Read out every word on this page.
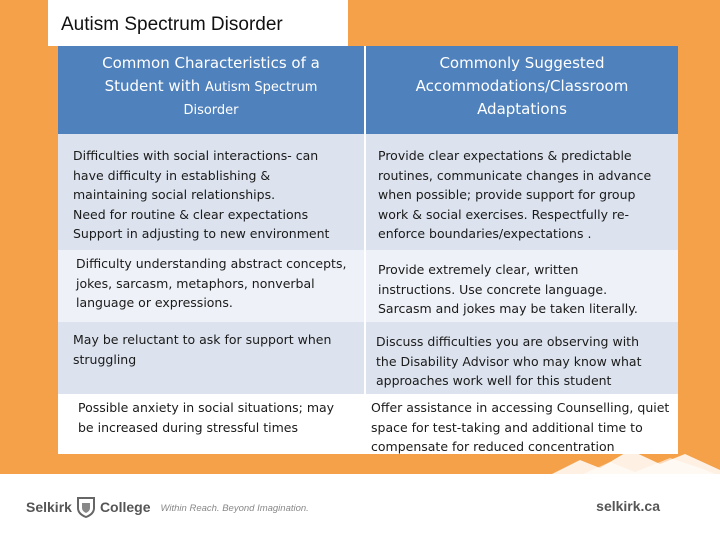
Autism Spectrum Disorder
Common Characteristics of a
Student with Autism Spectrum
Disorder
Commonly Suggested
Accommodations/Classroom
Adaptations
Difficulties with social interactions- can
have difficulty in establishing &
maintaining social relationships.
Need for routine & clear expectations
Support in adjusting to new environment
Provide clear expectations & predictable
routines, communicate changes in advance
when possible; provide support for group
work & social exercises. Respectfully re-
enforce boundaries/expectations .
Difficulty understanding abstract concepts,
jokes, sarcasm, metaphors, nonverbal
language or expressions.
Provide extremely clear, written
instructions. Use concrete language.
Sarcasm and jokes may be taken literally.
May be reluctant to ask for support when
struggling
Discuss difficulties you are observing with
the Disability Advisor who may know what
approaches work well for this student
Possible anxiety in social situations; may
be increased during stressful times
Offer assistance in accessing Counselling, quiet
space for test-taking and additional time to
compensate for reduced concentration
Selkirk College Within Reach. Beyond Imagination.	selkirk.ca
